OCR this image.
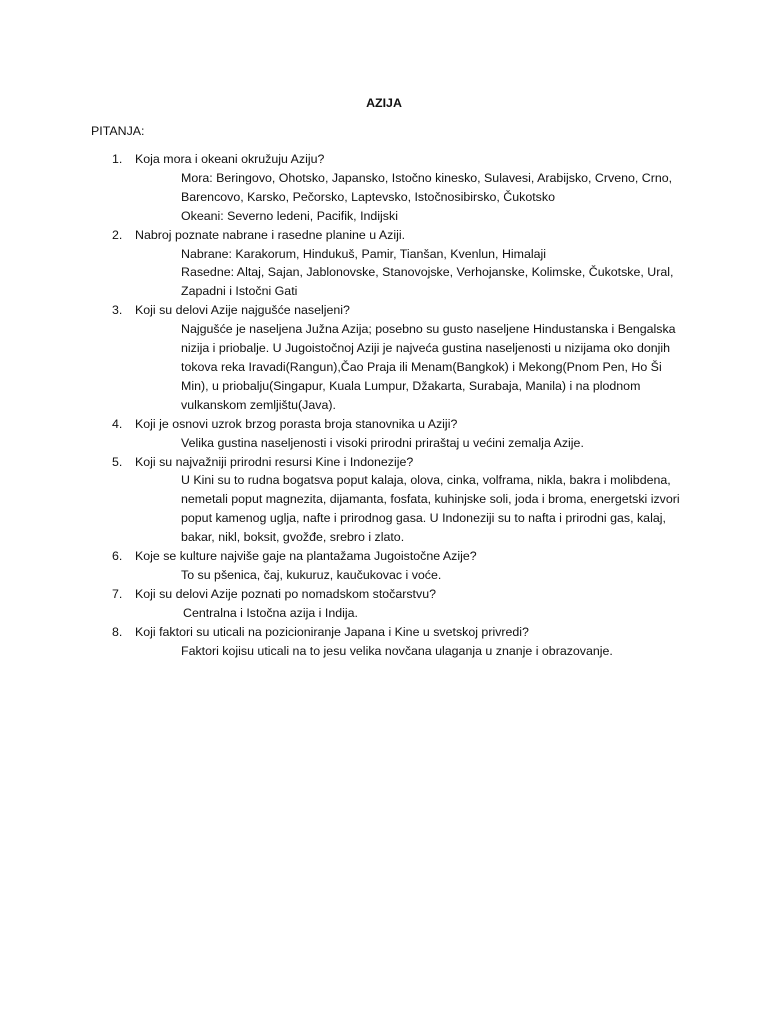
AZIJA
PITANJA:
1.	Koja mora i okeani okružuju Aziju?
Mora: Beringovo, Ohotsko, Japansko, Istočno kinesko, Sulavesi, Arabijsko, Crveno, Crno, Barencovo, Karsko, Pečorsko, Laptevsko, Istočnosibirsko, Čukotsko
Okeani: Severno ledeni, Pacifik, Indijski
2.	Nabroj poznate nabrane i rasedne planine u Aziji.
Nabrane: Karakorum, Hindukuš, Pamir, Tianšan, Kvenlun, Himalaji
Rasedne: Altaj, Sajan, Jablonovske, Stanovojske, Verhojanske, Kolimske, Čukotske, Ural, Zapadni i Istočni Gati
3.	Koji su delovi Azije najgušće naseljeni?
Najgušće je naseljena Južna Azija; posebno su gusto naseljene Hindustanska i Bengalska nizija i priobalje. U Jugoistočnoj Aziji je najveća gustina naseljenosti u nizijama oko donjih tokova reka Iravadi(Rangun),Čao Praja ili Menam(Bangkok) i Mekong(Pnom Pen, Ho Ši Min), u priobalju(Singapur, Kuala Lumpur, Džakarta, Surabaja, Manila) i na plodnom vulkanskom zemljištu(Java).
4.	Koji je osnovi uzrok brzog porasta broja stanovnika u Aziji?
Velika gustina naseljenosti i visoki prirodni priraštaj u većini zemalja Azije.
5.	Koji su najvažniji prirodni resursi Kine i Indonezije?
U Kini su to rudna bogatsva poput kalaja, olova, cinka, volframa, nikla, bakra i molibdena, nemetali poput magnezita, dijamanta, fosfata, kuhinjske soli, joda i broma, energetski izvori poput kamenog uglja, nafte i prirodnog gasa. U Indoneziji su to nafta i prirodni gas, kalaj, bakar, nikl, boksit, gvožđe, srebro i zlato.
6.	Koje se kulture najviše gaje na plantažama Jugoistočne Azije?
To su pšenica, čaj, kukuruz, kaučukovac i voće.
7.	Koji su delovi Azije poznati po nomadskom stočarstvu?
Centralna i Istočna azija i Indija.
8.	Koji faktori su uticali na pozicioniranje Japana i Kine u svetskoj privredi?
Faktori kojisu uticali na to jesu velika novčana ulaganja u znanje i obrazovanje.
